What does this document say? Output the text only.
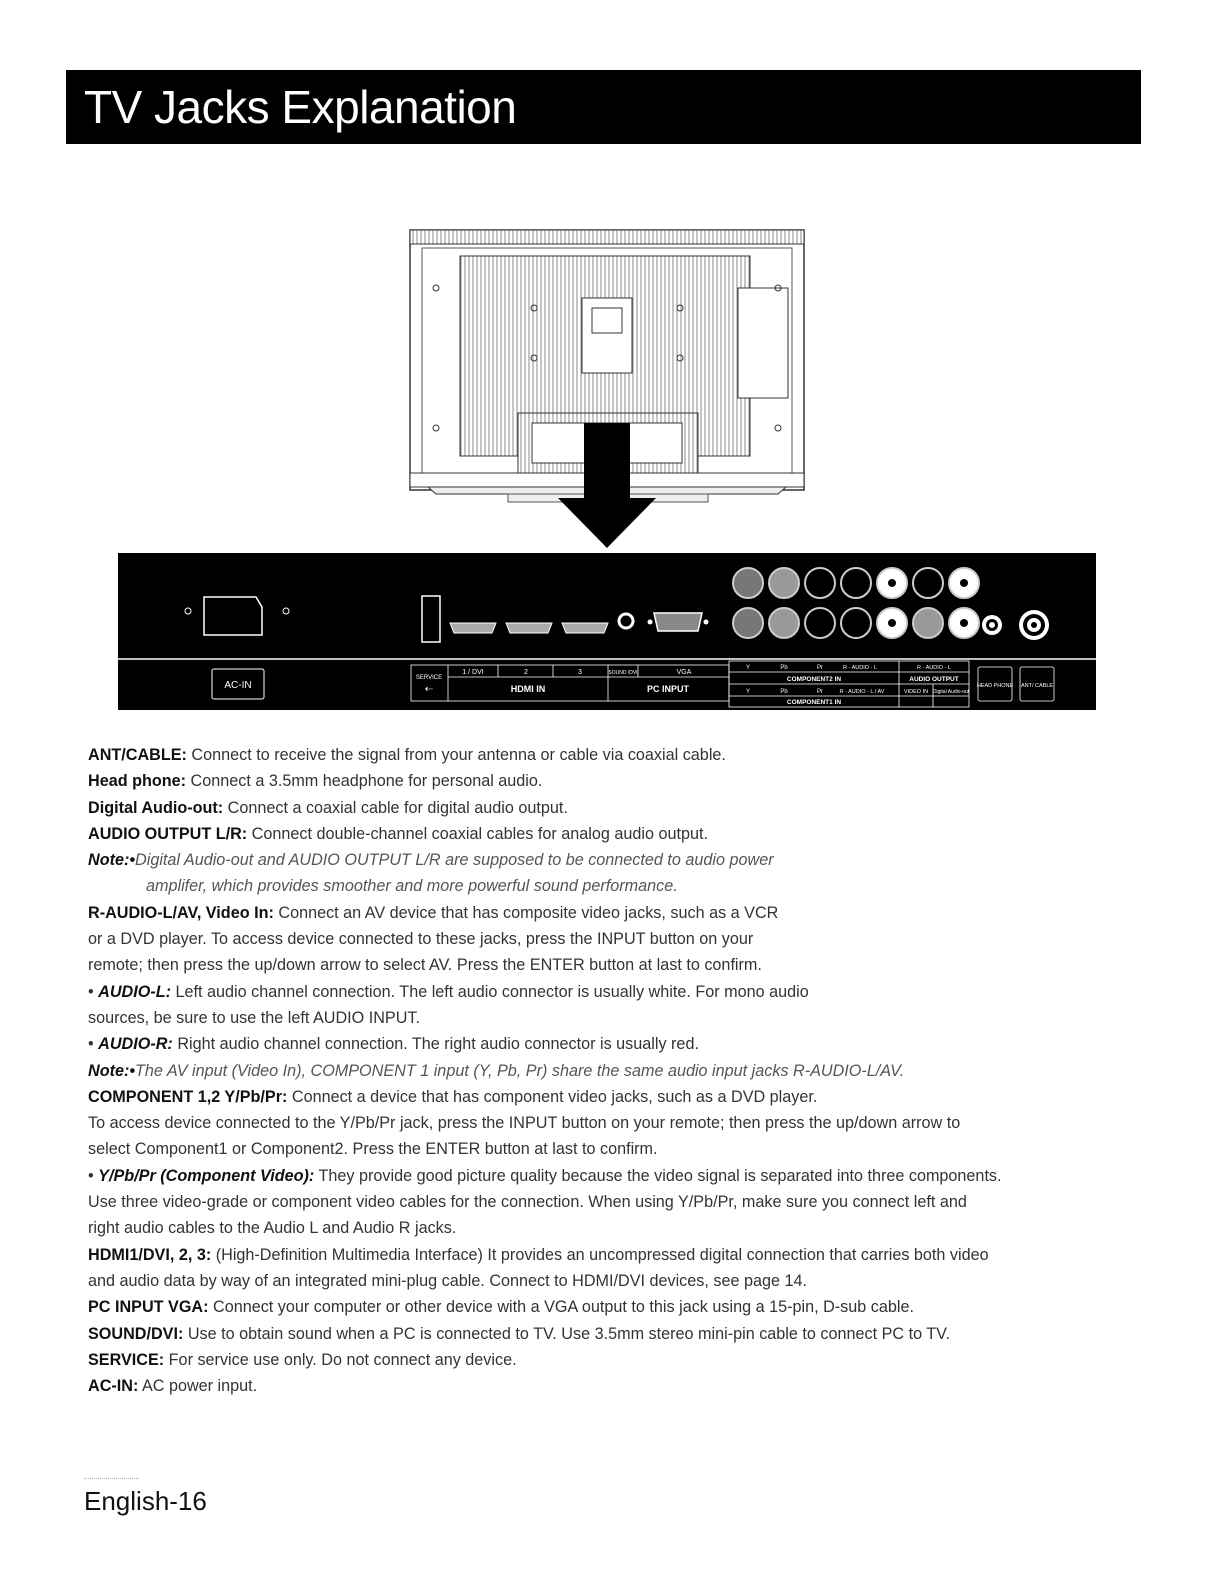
TV Jacks Explanation
AC-IN
SERVICE
⇠
1 / DVI	2	3
HDMI IN
SOUND /DVI	VGA
PC INPUT
Y	Pb	Pr	R - AUDIO - L	R - AUDIO - L
COMPONENT2 IN	AUDIO OUTPUT
Y	Pb	Pr	R - AUDIO - L / AV	VIDEO IN Digital Audio-out
COMPONENT1 IN
HEAD PHONE ANT/ CABLE

ANT/CABLE: Connect to receive the signal from your antenna or cable via coaxial cable.

Head phone: Connect a 3.5mm headphone for personal audio.

Digital Audio-out: Connect a coaxial cable for digital audio output.

AUDIO OUTPUT L/R: Connect double-channel coaxial cables for analog audio output.

Note:•Digital Audio-out and AUDIO OUTPUT L/R are supposed to be connected to audio power

amplifer, which provides smoother and more powerful sound performance.

R-AUDIO-L/AV, Video In: Connect an AV device that has composite video jacks, such as a VCR

or a DVD player. To access device connected to these jacks, press the INPUT button on your

remote; then press the up/down arrow to select AV. Press the ENTER button at last to confirm.

• AUDIO-L: Left audio channel connection. The left audio connector is usually white. For mono audio

sources, be sure to use the left AUDIO INPUT.

• AUDIO-R: Right audio channel connection. The right audio connector is usually red.

Note:•The AV input (Video In), COMPONENT 1 input (Y, Pb, Pr) share the same audio input jacks R-AUDIO-L/AV.

COMPONENT 1,2 Y/Pb/Pr: Connect a device that has component video jacks, such as a DVD player.

To access device connected to the Y/Pb/Pr jack, press the INPUT button on your remote; then press the up/down arrow to

select Component1 or Component2. Press the ENTER button at last to confirm.

• Y/Pb/Pr (Component Video): They provide good picture quality because the video signal is separated into three components.

Use three video-grade or component video cables for the connection. When using Y/Pb/Pr, make sure you connect left and

right audio cables to the Audio L and Audio R jacks.

HDMI1/DVI, 2, 3: (High-Definition Multimedia Interface) It provides an uncompressed digital connection that carries both video

and audio data by way of an integrated mini-plug cable. Connect to HDMI/DVI devices, see page 14.

PC INPUT VGA: Connect your computer or other device with a VGA output to this jack using a 15-pin, D-sub cable.

SOUND/DVI: Use to obtain sound when a PC is connected to TV. Use 3.5mm stereo mini-pin cable to connect PC to TV.

SERVICE: For service use only. Do not connect any device.

AC-IN: AC power input.

English-16
